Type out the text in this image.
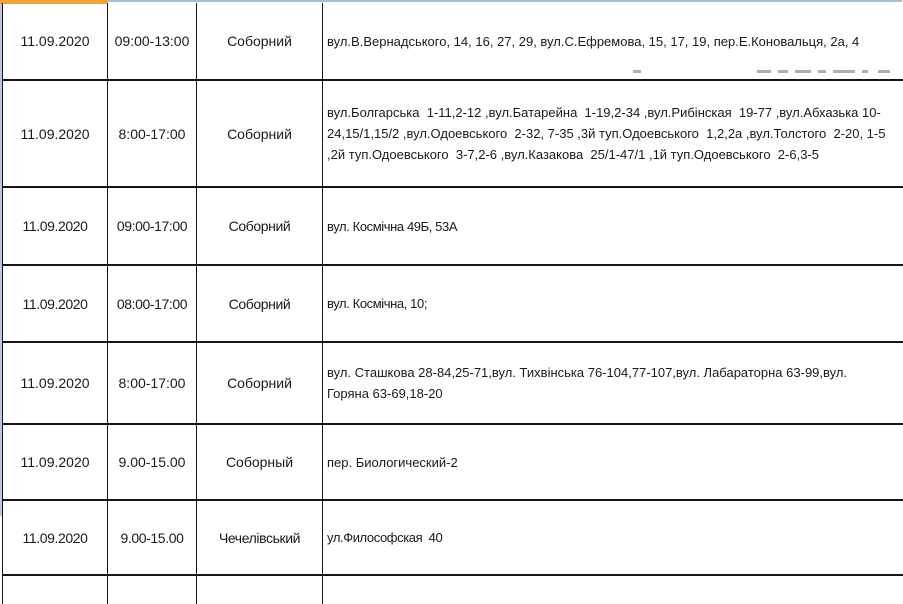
11.09.2020	09:00-13:00	Соборний	вул.В.Вернадського, 14, 16, 27, 29, вул.С.Ефремова, 15, 17, 19, пер.Е.Коновальця, 2а, 4
11.09.2020	8:00-17:00	Соборний	вул.Болгарська  1-11,2-12 ,вул.Батарейна  1-19,2-34 ,вул.Рибінская  19-77 ,вул.Абхазька 10-24,15/1,15/2 ,вул.Одоевського  2-32, 7-35 ,3й туп.Одоевського  1,2,2а ,вул.Толстого  2-20, 1-5 ,2й туп.Одоевського  3-7,2-6 ,вул.Казакова  25/1-47/1 ,1й туп.Одоевського  2-6,3-5
11.09.2020	09:00-17:00	Соборний	вул. Космічна 49Б, 53А
11.09.2020	08:00-17:00	Соборний	вул. Космічна, 10;
11.09.2020	8:00-17:00	Соборний	вул. Сташкова 28-84,25-71,вул. Тихвінська 76-104,77-107,вул. Лабараторна 63-99,вул. Горяна 63-69,18-20
11.09.2020	9.00-15.00	Соборный	пер. Биологический-2
11.09.2020	9.00-15.00	Чечелівський	ул.Философская  40
